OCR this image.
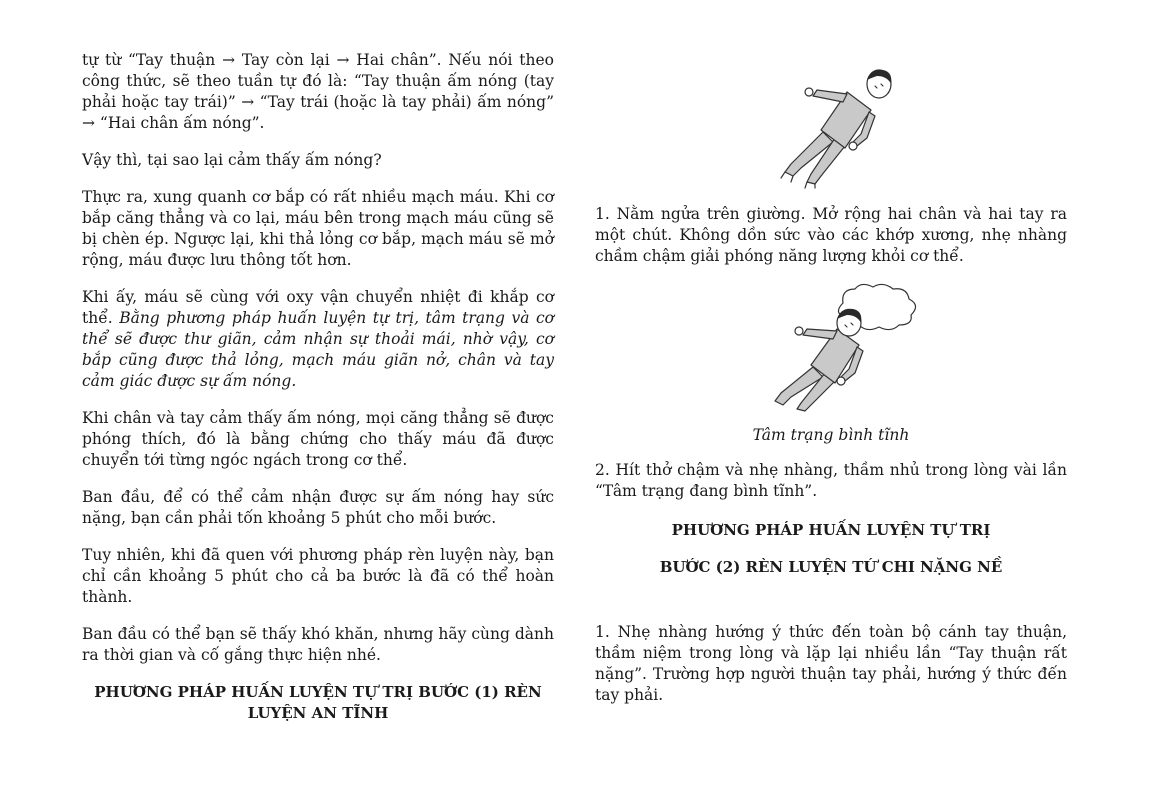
tự từ “Tay thuận → Tay còn lại → Hai chân”. Nếu nói theo công thức, sẽ theo tuần tự đó là: “Tay thuận ấm nóng (tay phải hoặc tay trái)” → “Tay trái (hoặc là tay phải) ấm nóng” → “Hai chân ấm nóng”.

Vậy thì, tại sao lại cảm thấy ấm nóng?

Thực ra, xung quanh cơ bắp có rất nhiều mạch máu. Khi cơ bắp căng thẳng và co lại, máu bên trong mạch máu cũng sẽ bị chèn ép. Ngược lại, khi thả lỏng cơ bắp, mạch máu sẽ mở rộng, máu được lưu thông tốt hơn.

Khi ấy, máu sẽ cùng với oxy vận chuyển nhiệt đi khắp cơ thể. Bằng phương pháp huấn luyện tự trị, tâm trạng và cơ thể sẽ được thư giãn, cảm nhận sự thoải mái, nhờ vậy, cơ bắp cũng được thả lỏng, mạch máu giãn nở, chân và tay cảm giác được sự ấm nóng.

Khi chân và tay cảm thấy ấm nóng, mọi căng thẳng sẽ được phóng thích, đó là bằng chứng cho thấy máu đã được chuyển tới từng ngóc ngách trong cơ thể.

Ban đầu, để có thể cảm nhận được sự ấm nóng hay sức nặng, bạn cần phải tốn khoảng 5 phút cho mỗi bước.

Tuy nhiên, khi đã quen với phương pháp rèn luyện này, bạn chỉ cần khoảng 5 phút cho cả ba bước là đã có thể hoàn thành.

Ban đầu có thể bạn sẽ thấy khó khăn, nhưng hãy cùng dành ra thời gian và cố gắng thực hiện nhé.

PHƯƠNG PHÁP HUẤN LUYỆN TỰ TRỊ BƯỚC (1) RÈN LUYỆN AN TĨNH

1. Nằm ngửa trên giường. Mở rộng hai chân và hai tay ra một chút. Không dồn sức vào các khớp xương, nhẹ nhàng chầm chậm giải phóng năng lượng khỏi cơ thể.

Tâm trạng bình tĩnh

2. Hít thở chậm và nhẹ nhàng, thầm nhủ trong lòng vài lần “Tâm trạng đang bình tĩnh”.

PHƯƠNG PHÁP HUẤN LUYỆN TỰ TRỊ
BƯỚC (2) RÈN LUYỆN TỨ CHI NẶNG NỀ

1. Nhẹ nhàng hướng ý thức đến toàn bộ cánh tay thuận, thầm niệm trong lòng và lặp lại nhiều lần “Tay thuận rất nặng”. Trường hợp người thuận tay phải, hướng ý thức đến tay phải.
